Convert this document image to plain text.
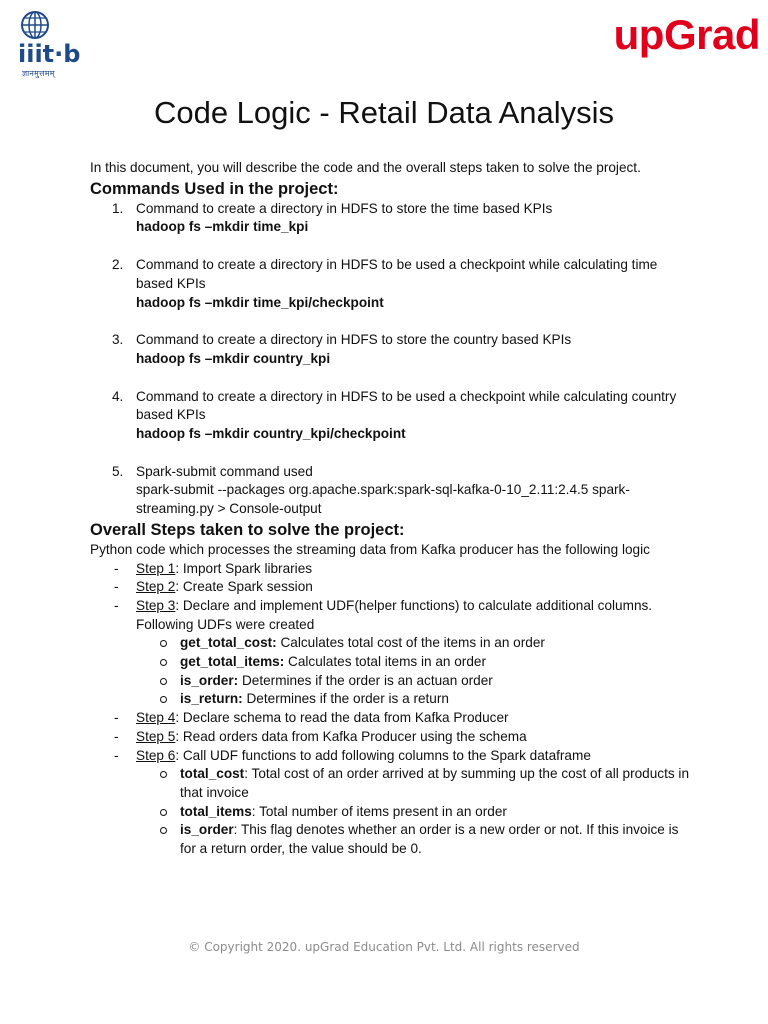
iiit·b
ज्ञानमुत्तमम्
upGrad
Code Logic - Retail Data Analysis

In this document, you will describe the code and the overall steps taken to solve the project.

Commands Used in the project:
1. Command to create a directory in HDFS to store the time based KPIs
hadoop fs –mkdir time_kpi
2. Command to create a directory in HDFS to be used a checkpoint while calculating time based KPIs
hadoop fs –mkdir time_kpi/checkpoint
3. Command to create a directory in HDFS to store the country based KPIs
hadoop fs –mkdir country_kpi
4. Command to create a directory in HDFS to be used a checkpoint while calculating country based KPIs
hadoop fs –mkdir country_kpi/checkpoint
5. Spark-submit command used
spark-submit --packages org.apache.spark:spark-sql-kafka-0-10_2.11:2.4.5 spark-streaming.py > Console-output
Overall Steps taken to solve the project:

Python code which processes the streaming data from Kafka producer has the following logic

- Step 1: Import Spark libraries
- Step 2: Create Spark session
- Step 3: Declare and implement UDF(helper functions) to calculate additional columns. Following UDFs were created
get_total_cost: Calculates total cost of the items in an order
get_total_items: Calculates total items in an order
is_order: Determines if the order is an actuan order
is_return: Determines if the order is a return
- Step 4: Declare schema to read the data from Kafka Producer
- Step 5: Read orders data from Kafka Producer using the schema
- Step 6: Call UDF functions to add following columns to the Spark dataframe
total_cost: Total cost of an order arrived at by summing up the cost of all products in that invoice
total_items: Total number of items present in an order
is_order: This flag denotes whether an order is a new order or not. If this invoice is for a return order, the value should be 0.
© Copyright 2020. upGrad Education Pvt. Ltd. All rights reserved
